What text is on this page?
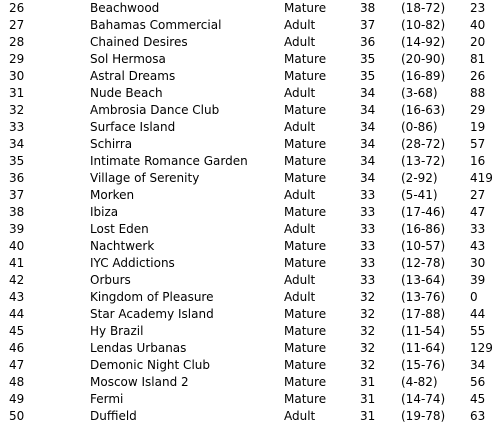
26	Beachwood	Mature	38 (18-72) 23
27	Bahamas Commercial	Adult	37 (10-82) 40
28	Chained Desires	Adult	36 (14-92) 20
29	Sol Hermosa	Mature	35 (20-90) 81
30	Astral Dreams	Mature	35 (16-89) 26
31	Nude Beach	Adult	34 (3-68)	88
32	Ambrosia Dance Club	Mature	34 (16-63) 29
33	Surface Island	Adult	34 (0-86)	19
34	Schirra	Mature	34 (28-72) 57
35	Intimate Romance Garden	Mature	34 (13-72) 16
36	Village of Serenity	Mature	34 (2-92)	419
37	Morken	Adult	33 (5-41)	27
38	Ibiza	Mature	33 (17-46) 47
39	Lost Eden	Adult	33 (16-86) 33
40	Nachtwerk	Mature	33 (10-57) 43
41	IYC Addictions	Mature	33 (12-78) 30
42	Orburs	Adult	33 (13-64) 39
43	Kingdom of Pleasure	Adult	32 (13-76) 0
44	Star Academy Island	Mature	32 (17-88) 44
45	Hy Brazil	Mature	32 (11-54) 55
46	Lendas Urbanas	Mature	32 (11-64) 129
47	Demonic Night Club	Mature	32 (15-76) 34
48	Moscow Island 2	Mature	31 (4-82)	56
49	Fermi	Mature	31 (14-74) 45
50	Duffield	Adult	31 (19-78) 63
